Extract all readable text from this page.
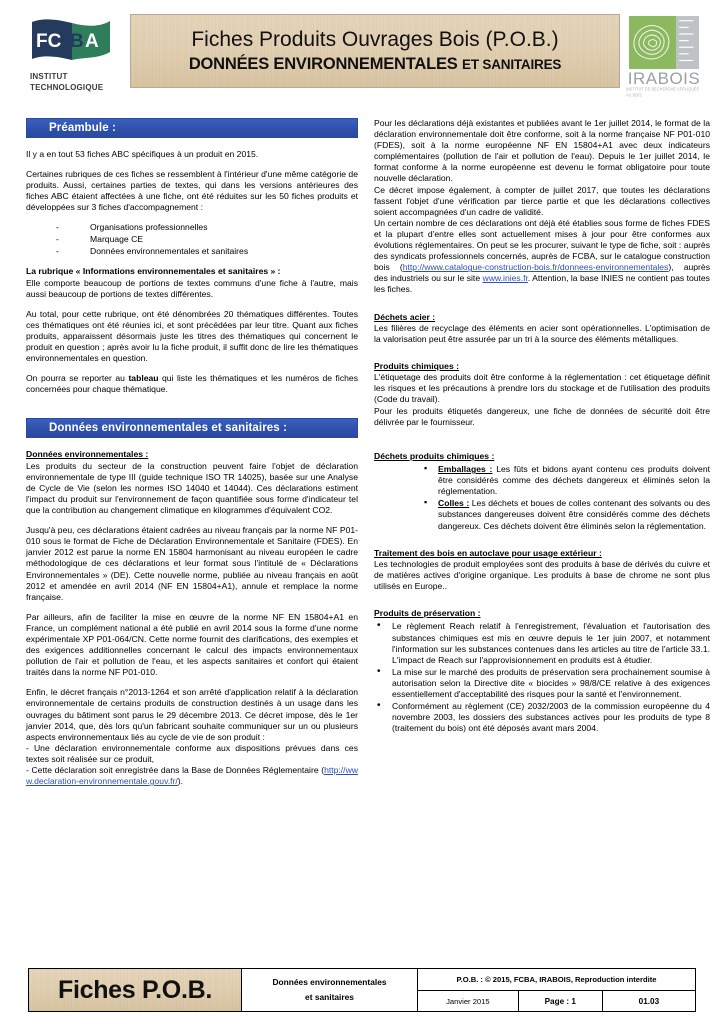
FC B A
INSTITUT
TECHNOLOGIQUE
Fiches Produits Ouvrages Bois (P.O.B.)
DONNÉES ENVIRONNEMENTALES ET SANITAIRES
IRABOIS
INSTITUT DE RECHERCHE APPLIQUÉE AU BOIS
Préambule :

Il y a en tout 53 fiches ABC spécifiques à un produit en 2015.

Certaines rubriques de ces fiches se ressemblent à l'intérieur d'une même catégorie de produits. Aussi, certaines parties de textes, qui dans les versions antérieures des fiches ABC étaient affectées à une fiche, ont été réduites sur les 50 fiches produits et développées sur 3 fiches d'accompagnement :

-	Organisations professionnelles
-	Marquage CE
-	Données environnementales et sanitaires
La rubrique « Informations environnementales et sanitaires » :

Elle comporte beaucoup de portions de textes communs d'une fiche à l'autre, mais aussi beaucoup de portions de textes différentes.

Au total, pour cette rubrique, ont été dénombrées 20 thématiques différentes. Toutes ces thématiques ont été réunies ici, et sont précédées par leur titre. Quant aux fiches produits, apparaissent désormais juste les titres des thématiques qui concernent le produit en question ; après avoir lu la fiche produit, il suffit donc de lire les thématiques environnementales en question.

On pourra se reporter au tableau qui liste les thématiques et les numéros de fiches concernées pour chaque thématique.

Données environnementales et sanitaires :
Données environnementales :

Les produits du secteur de la construction peuvent faire l'objet de déclaration environnementale de type III (guide technique ISO TR 14025), basée sur une Analyse de Cycle de Vie (selon les normes ISO 14040 et 14044). Ces déclarations estiment l'impact du produit sur l'environnement de façon quantifiée sous forme d'indicateur tel que la contribution au changement climatique en kilogrammes d'équivalent CO2.

Jusqu'à peu, ces déclarations étaient cadrées au niveau français par la norme NF P01-010 sous le format de Fiche de Déclaration Environnementale et Sanitaire (FDES). En janvier 2012 est parue la norme EN 15804 harmonisant au niveau européen le cadre méthodologique de ces déclarations et leur format sous l'intitulé de « Déclarations Environnementales » (DE). Cette nouvelle norme, publiée au niveau français en août 2012 et amendée en avril 2014 (NF EN 15804+A1), annule et remplace la norme française.

Par ailleurs, afin de faciliter la mise en œuvre de la norme NF EN 15804+A1 en France, un complément national a été publié en avril 2014 sous la forme d'une norme expérimentale XP P01-064/CN. Cette norme fournit des clarifications, des exemples et des exigences additionnelles concernant le calcul des impacts environnementaux pollution de l'air et pollution de l'eau, et les aspects sanitaires et confort qui étaient traités dans la norme NF P01-010.

Enfin, le décret français n°2013-1264 et son arrêté d'application relatif à la déclaration environnementale de certains produits de construction destinés à un usage dans les ouvrages du bâtiment sont parus le 29 décembre 2013. Ce décret impose, dès le 1er janvier 2014, que, dès lors qu'un fabricant souhaite communiquer sur un ou plusieurs aspects environnementaux liés au cycle de vie de son produit :

- Une déclaration environnementale conforme aux dispositions prévues dans ces textes soit réalisée sur ce produit,

- Cette déclaration soit enregistrée dans la Base de Données Réglementaire (http://www.declaration-environnementale.gouv.fr/).

Pour les déclarations déjà existantes et publiées avant le 1er juillet 2014, le format de la déclaration environnementale doit être conforme, soit à la norme française NF P01-010 (FDES), soit à la norme européenne NF EN 15804+A1 avec deux indicateurs complémentaires (pollution de l'air et pollution de l'eau). Depuis le 1er juillet 2014, le format conforme à la norme européenne est devenu le format obligatoire pour toute nouvelle déclaration.

Ce décret impose également, à compter de juillet 2017, que toutes les déclarations fassent l'objet d'une vérification par tierce partie et que les déclarations collectives soient accompagnées d'un cadre de validité.

Un certain nombre de ces déclarations ont déjà été établies sous forme de fiches FDES et la plupart d'entre elles sont actuellement mises à jour pour être conformes aux évolutions réglementaires. On peut se les procurer, suivant le type de fiche, soit : auprès des syndicats professionnels concernés, auprès de FCBA, sur le catalogue construction bois (http://www.catalogue-construction-bois.fr/donnees-environnementales), auprès des industriels ou sur le site www.inies.fr. Attention, la base INIES ne contient pas toutes les fiches.

Déchets acier :

Les filières de recyclage des éléments en acier sont opérationnelles. L'optimisation de la valorisation peut être assurée par un tri à la source des éléments métalliques.

Produits chimiques :

L'étiquetage des produits doit être conforme à la réglementation : cet étiquetage définit les risques et les précautions à prendre lors du stockage et de l'utilisation des produits (Code du travail).

Pour les produits étiquetés dangereux, une fiche de données de sécurité doit être délivrée par le fournisseur.

Déchets produits chimiques :
▪ Emballages : Les fûts et bidons ayant contenu ces produits doivent être considérés comme des déchets dangereux et éliminés selon la réglementation.
▪ Colles : Les déchets et boues de colles contenant des solvants ou des substances dangereuses doivent être considérés comme des déchets dangereux. Ces déchets doivent être éliminés selon la réglementation.
Traitement des bois en autoclave pour usage extérieur :

Les technologies de produit employées sont des produits à base de dérivés du cuivre et de matières actives d'origine organique. Les produits à base de chrome ne sont plus utilisés en Europe..

Produits de préservation :
• Le règlement Reach relatif à l'enregistrement, l'évaluation et l'autorisation des substances chimiques est mis en œuvre depuis le 1er juin 2007, et notamment l'information sur les substances contenues dans les articles au titre de l'article 33.1. L'impact de Reach sur l'approvisionnement en produits est à étudier.
• La mise sur le marché des produits de préservation sera prochainement soumise à autorisation selon la Directive dite « biocides » 98/8/CE relative à des exigences essentiellement d'acceptabilité des risques pour la santé et l'environnement.
• Conformément au règlement (CE) 2032/2003 de la commission européenne du 4 novembre 2003, les dossiers des substances actives pour les produits de type 8 (traitement du bois) ont été déposés avant mars 2004.
Fiches P.O.B.	Données environnementales
et sanitaires
P.O.B. : © 2015, FCBA, IRABOIS, Reproduction interdite
Janvier 2015	Page : 1	01.03
